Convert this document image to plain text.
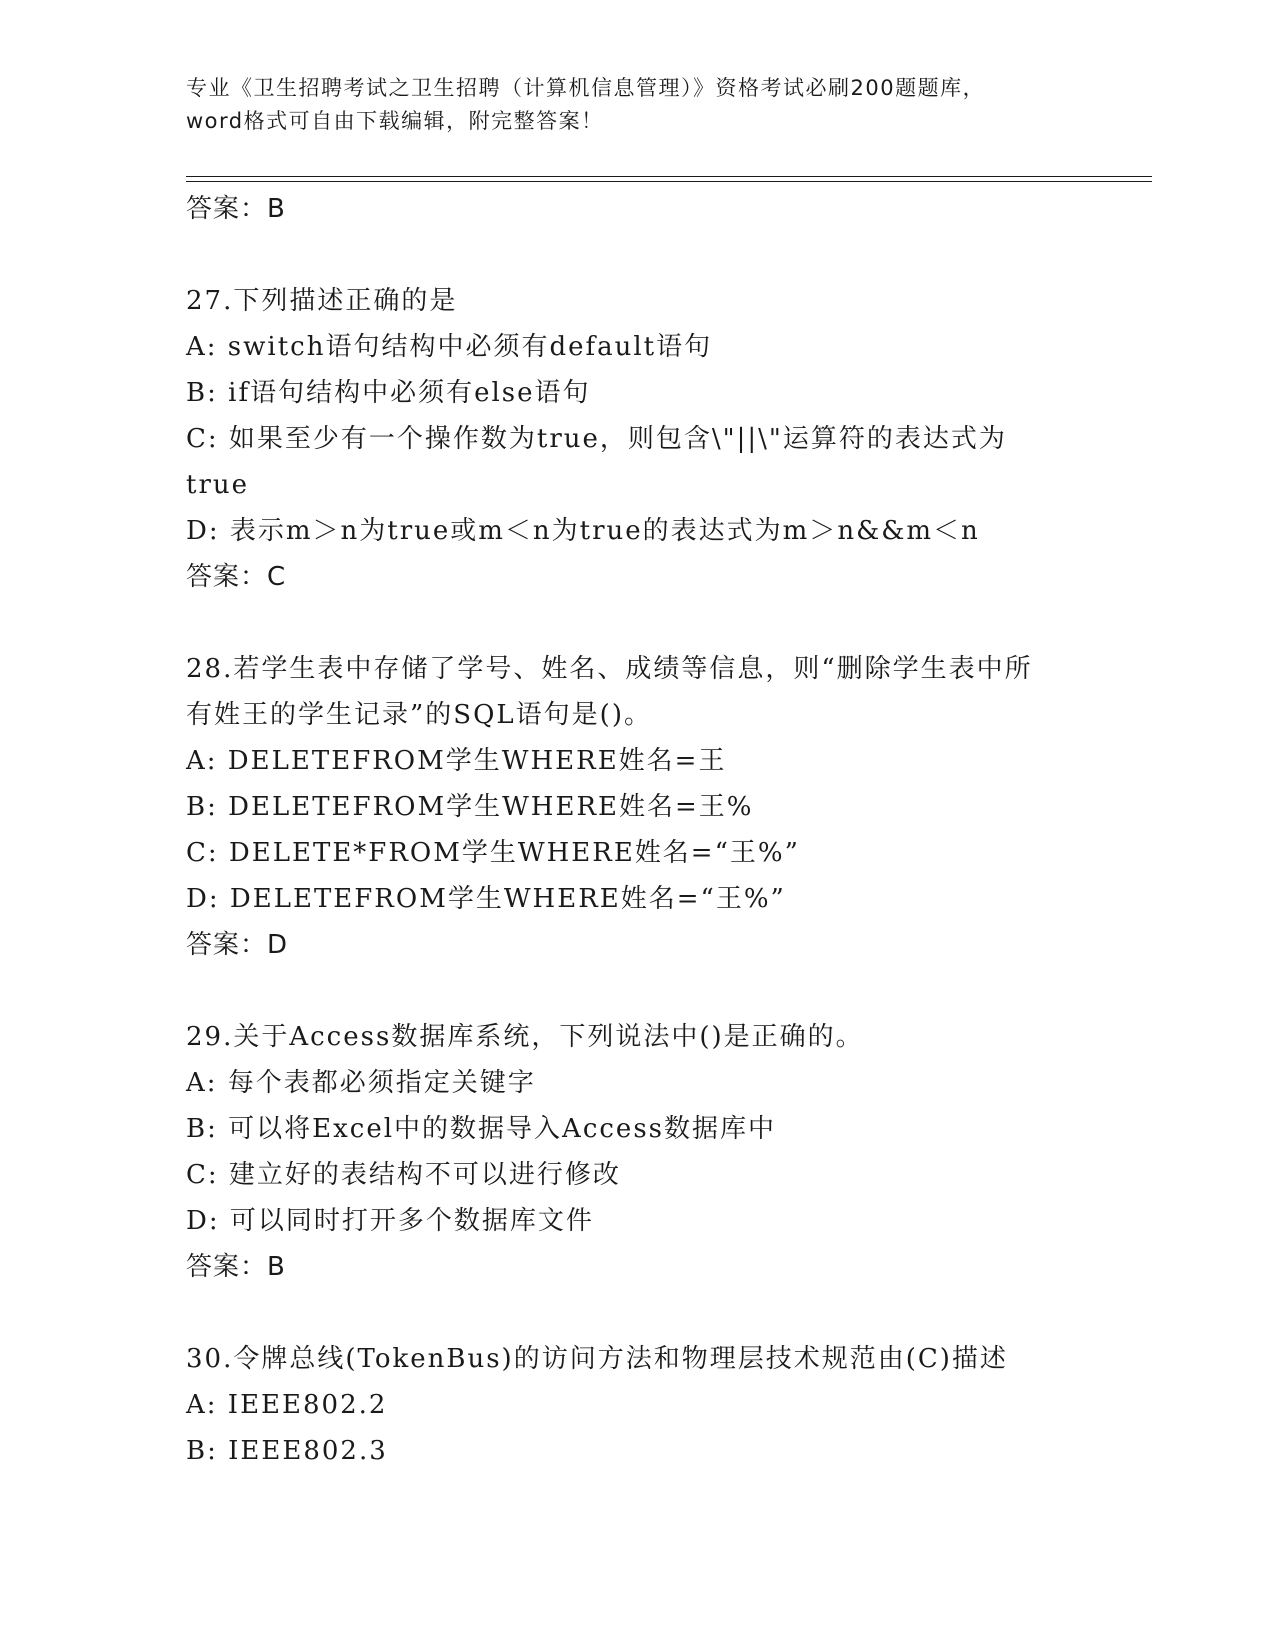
专业《卫生招聘考试之卫生招聘（计算机信息管理）》资格考试必刷200题题库，
word格式可自由下载编辑，附完整答案！
答案：B
27.下列描述正确的是
A: switch语句结构中必须有default语句
B: if语句结构中必须有else语句
C: 如果至少有一个操作数为true，则包含\"||\"运算符的表达式为
true
D: 表示m＞n为true或m＜n为true的表达式为m＞n&&m＜n
答案：C
28.若学生表中存储了学号、姓名、成绩等信息，则“删除学生表中所
有姓王的学生记录”的SQL语句是()。
A: DELETEFROM学生WHERE姓名=王
B: DELETEFROM学生WHERE姓名=王%
C: DELETE*FROM学生WHERE姓名=“王%”
D: DELETEFROM学生WHERE姓名=“王%”
答案：D
29.关于Access数据库系统，下列说法中()是正确的。
A: 每个表都必须指定关键字
B: 可以将Excel中的数据导入Access数据库中
C: 建立好的表结构不可以进行修改
D: 可以同时打开多个数据库文件
答案：B
30.令牌总线(TokenBus)的访问方法和物理层技术规范由(C)描述
A: IEEE802.2
B: IEEE802.3
